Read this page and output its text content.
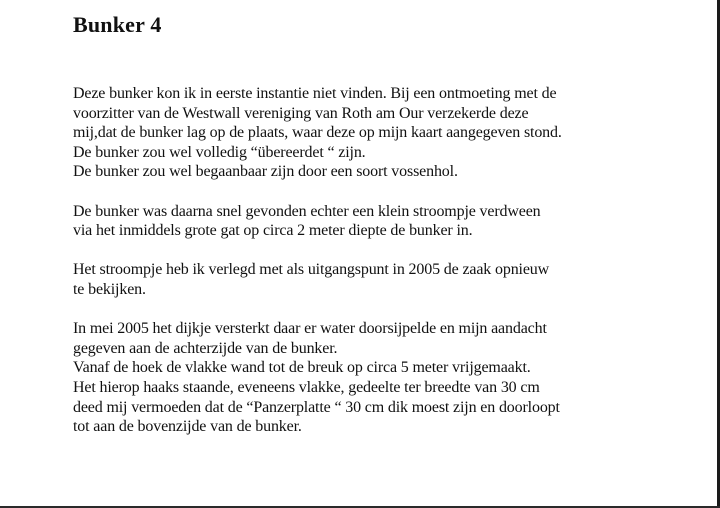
Bunker 4

Deze bunker kon ik in eerste instantie niet vinden. Bij een ontmoeting met de
voorzitter van de Westwall vereniging van Roth am Our verzekerde deze
mij,dat de bunker lag op de plaats, waar deze op mijn kaart aangegeven stond.
De bunker zou wel volledig “übereerdet “ zijn.
De bunker zou wel begaanbaar zijn door een soort vossenhol.

De bunker was daarna snel gevonden echter een klein stroompje verdween
via het inmiddels grote gat op circa 2 meter diepte de bunker in.

Het stroompje heb ik verlegd met als uitgangspunt in 2005 de zaak opnieuw
te bekijken.

In mei 2005 het dijkje versterkt daar er water doorsijpelde en mijn aandacht
gegeven aan de achterzijde van de bunker.
Vanaf de hoek de vlakke wand tot de breuk op circa 5 meter vrijgemaakt.
Het hierop haaks staande, eveneens vlakke, gedeelte ter breedte van 30 cm
deed mij vermoeden dat de “Panzerplatte “ 30 cm dik moest zijn en doorloopt
tot aan de bovenzijde van de bunker.
